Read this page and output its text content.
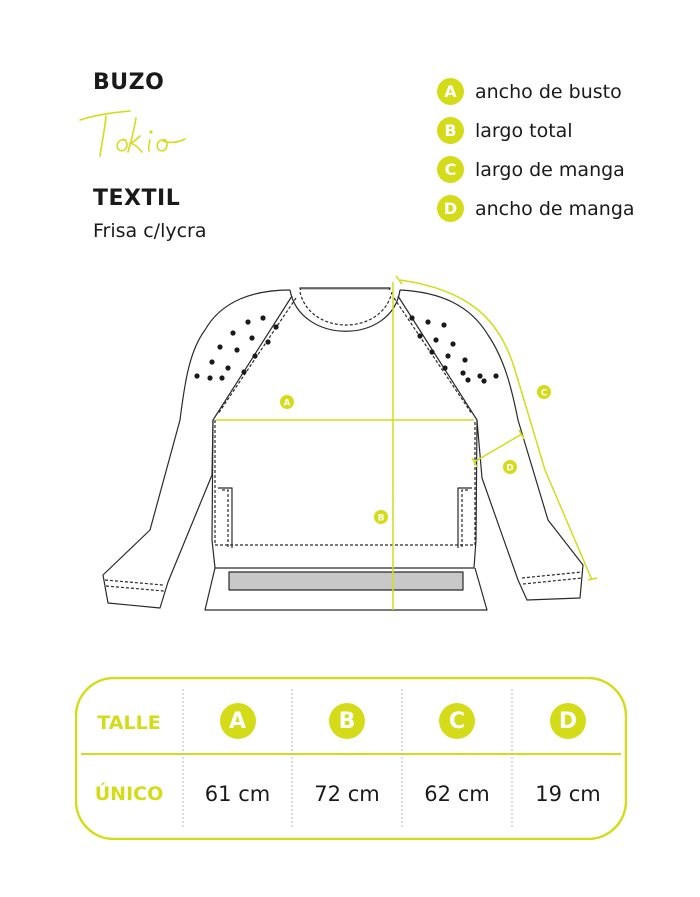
BUZO
Tokio
TEXTIL
Frisa c/lycra
A ancho de busto
B largo total
C largo de manga
D ancho de manga
A
B
C
D
TALLE	A	B	C	D
ÚNICO	61 cm	72 cm	62 cm	19 cm
